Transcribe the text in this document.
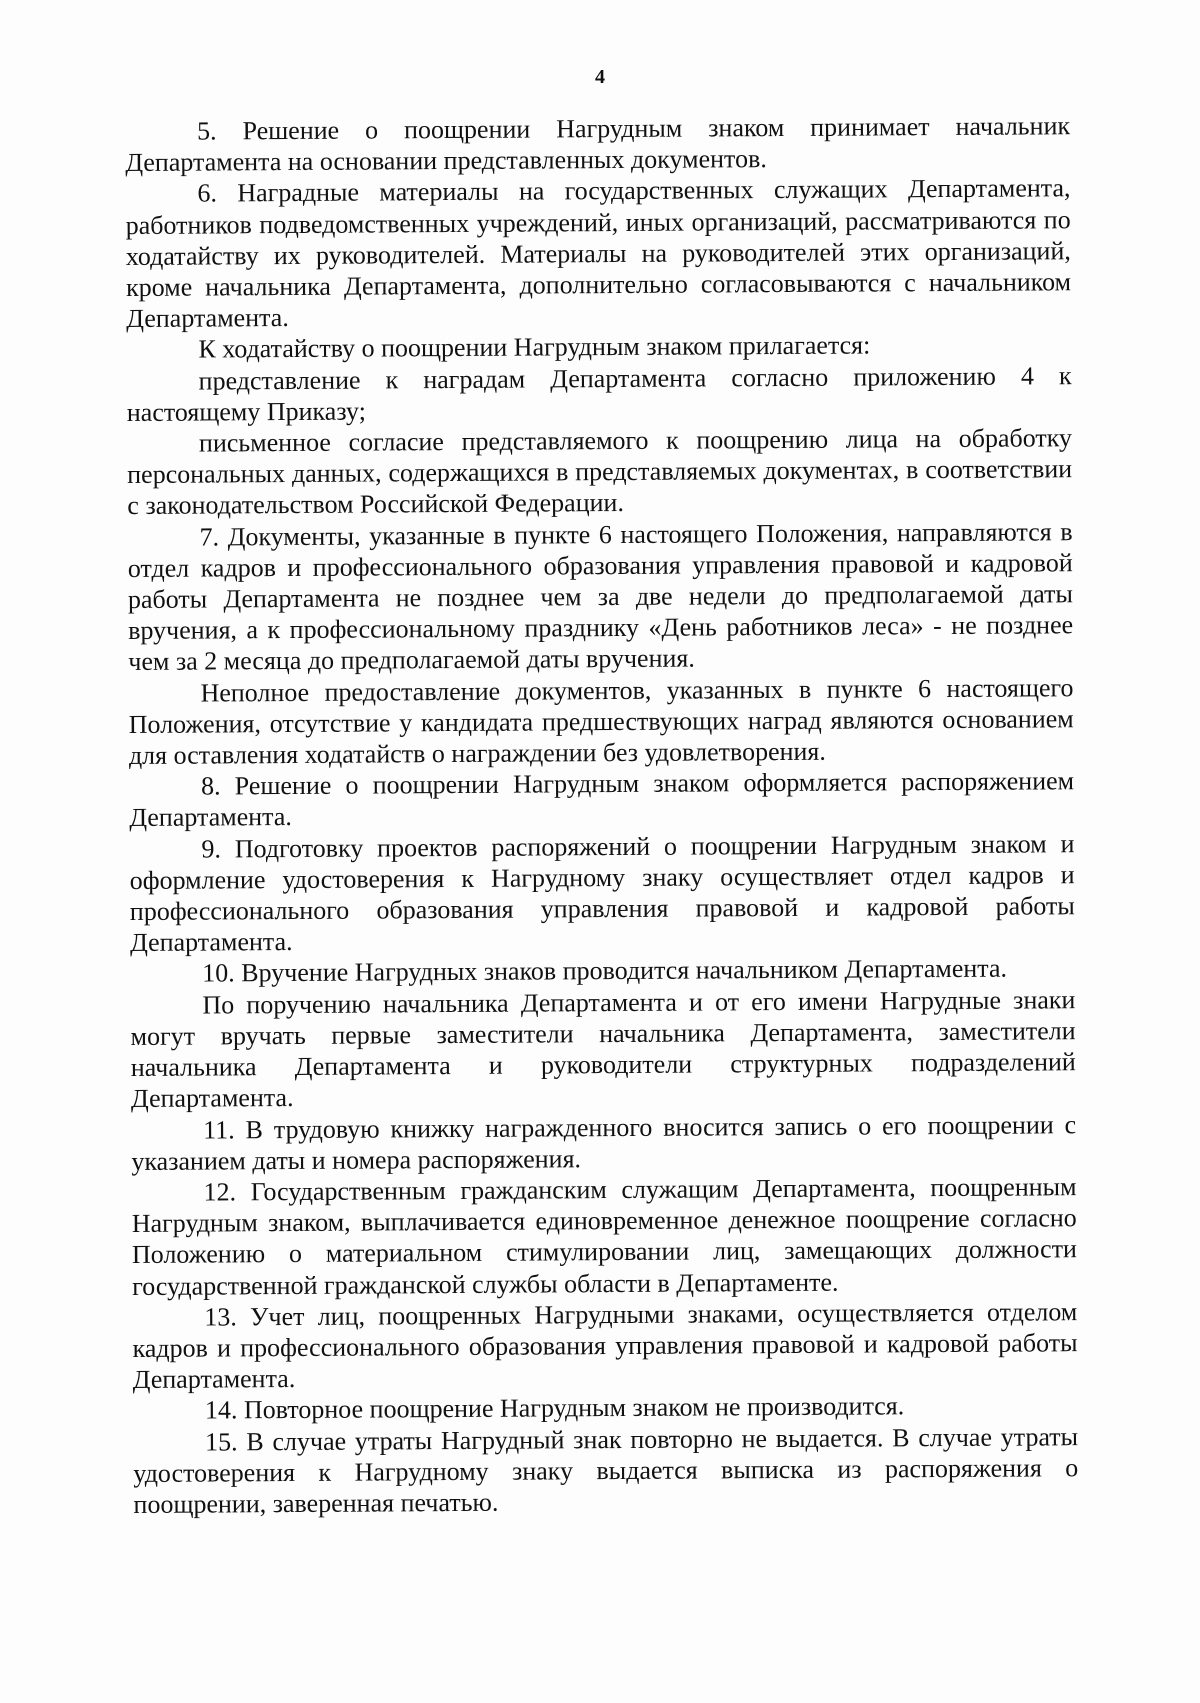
4

5. Решение о поощрении Нагрудным знаком принимает начальник Департамента на основании представленных документов.

6. Наградные материалы на государственных служащих Департамента, работников подведомственных учреждений, иных организаций, рассматриваются по ходатайству их руководителей. Материалы на руководителей этих организаций, кроме начальника Департамента, дополнительно согласовываются с начальником Департамента.

К ходатайству о поощрении Нагрудным знаком прилагается:

представление к наградам Департамента согласно приложению 4 к настоящему Приказу;

письменное согласие представляемого к поощрению лица на обработку персональных данных, содержащихся в представляемых документах, в соответствии с законодательством Российской Федерации.

7. Документы, указанные в пункте 6 настоящего Положения, направляются в отдел кадров и профессионального образования управления правовой и кадровой работы Департамента не позднее чем за две недели до предполагаемой даты вручения, а к профессиональному празднику «День работников леса» - не позднее чем за 2 месяца до предполагаемой даты вручения.

Неполное предоставление документов, указанных в пункте 6 настоящего Положения, отсутствие у кандидата предшествующих наград являются основанием для оставления ходатайств о награждении без удовлетворения.

8. Решение о поощрении Нагрудным знаком оформляется распоряжением Департамента.

9. Подготовку проектов распоряжений о поощрении Нагрудным знаком и оформление удостоверения к Нагрудному знаку осуществляет отдел кадров и профессионального образования управления правовой и кадровой работы Департамента.

10. Вручение Нагрудных знаков проводится начальником Департамента.

По поручению начальника Департамента и от его имени Нагрудные знаки могут вручать первые заместители начальника Департамента, заместители начальника Департамента и руководители структурных подразделений Департамента.

11. В трудовую книжку награжденного вносится запись о его поощрении с указанием даты и номера распоряжения.

12. Государственным гражданским служащим Департамента, поощренным Нагрудным знаком, выплачивается единовременное денежное поощрение согласно Положению о материальном стимулировании лиц, замещающих должности государственной гражданской службы области в Департаменте.

13. Учет лиц, поощренных Нагрудными знаками, осуществляется отделом кадров и профессионального образования управления правовой и кадровой работы Департамента.

14. Повторное поощрение Нагрудным знаком не производится.

15. В случае утраты Нагрудный знак повторно не выдается. В случае утраты удостоверения к Нагрудному знаку выдается выписка из распоряжения о поощрении, заверенная печатью.
